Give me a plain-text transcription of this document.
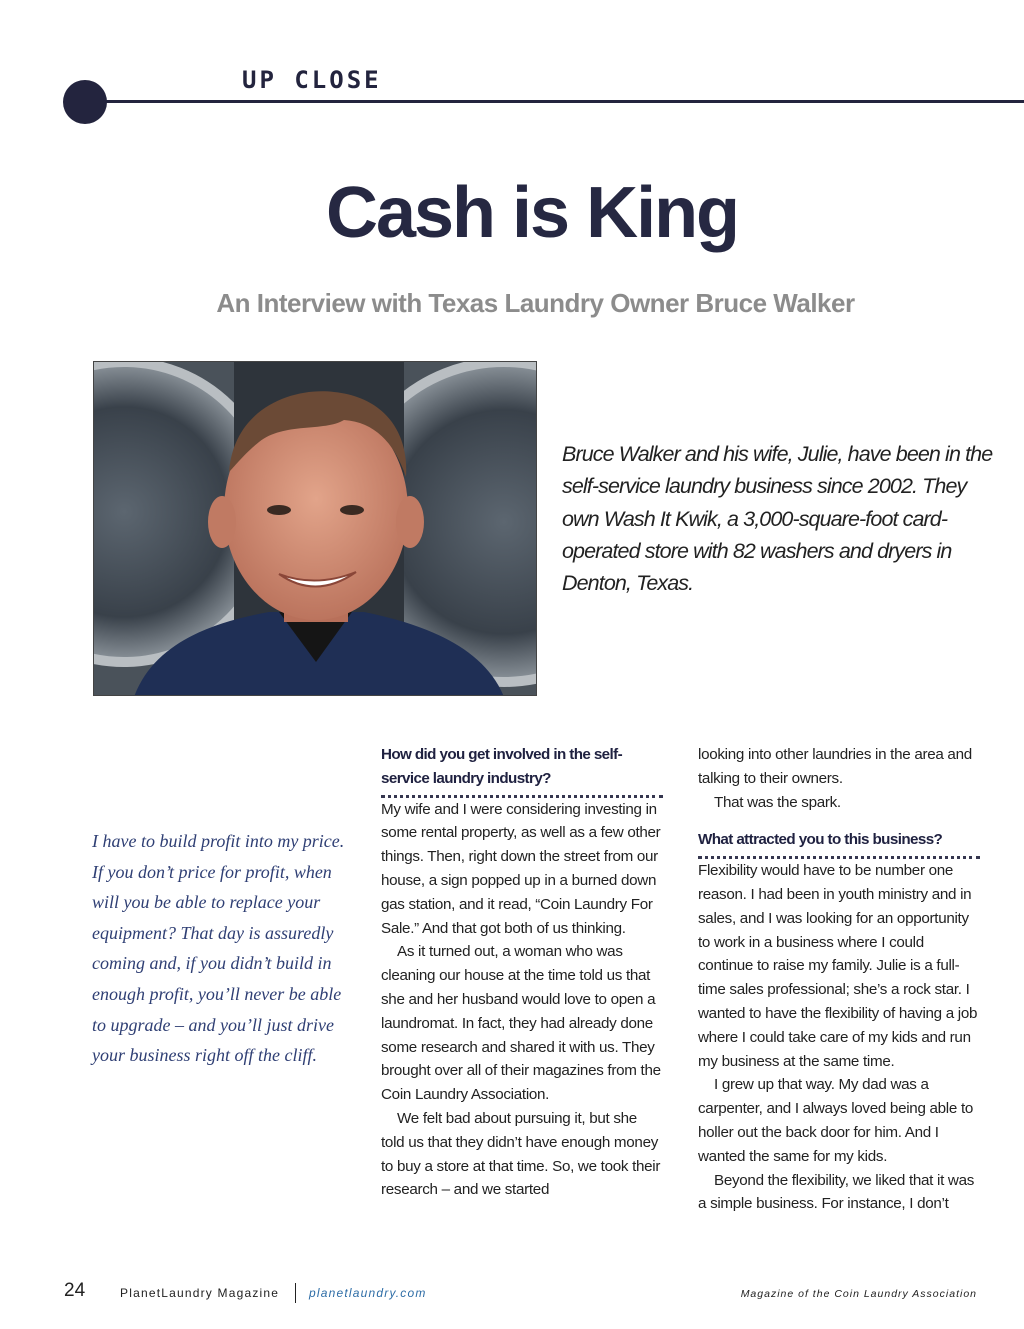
UP CLOSE
Cash is King
An Interview with Texas Laundry Owner Bruce Walker
Bruce Walker and his wife, Julie, have been in the self-service laundry business since 2002. They own Wash It Kwik, a 3,000-square-foot card-operated store with 82 washers and dryers in Denton, Texas.
I have to build profit into my price. If you don’t price for profit, when will you be able to replace your equipment? That day is assuredly coming and, if you didn’t build in enough profit, you’ll never be able to upgrade – and you’ll just drive your business right off the cliff.

How did you get involved in the self-service laundry industry?

My wife and I were considering investing in some rental property, as well as a few other things. Then, right down the street from our house, a sign popped up in a burned down gas station, and it read, “Coin Laundry For Sale.” And that got both of us thinking.

As it turned out, a woman who was cleaning our house at the time told us that she and her husband would love to open a laundromat. In fact, they had already done some research and shared it with us. They brought over all of their magazines from the Coin Laundry Association.

We felt bad about pursuing it, but she told us that they didn’t have enough money to buy a store at that time. So, we took their research – and we started

looking into other laundries in the area and talking to their owners.

That was the spark.

What attracted you to this business?

Flexibility would have to be number one reason. I had been in youth ministry and in sales, and I was looking for an opportunity to work in a business where I could continue to raise my family. Julie is a full-time sales professional; she’s a rock star. I wanted to have the flexibility of having a job where I could take care of my kids and run my business at the same time.

I grew up that way. My dad was a carpenter, and I always loved being able to holler out the back door for him. And I wanted the same for my kids.

Beyond the flexibility, we liked that it was a simple business. For instance, I don’t

24	PlanetLaundry Magazine planetlaundry.com	Magazine of the Coin Laundry Association
